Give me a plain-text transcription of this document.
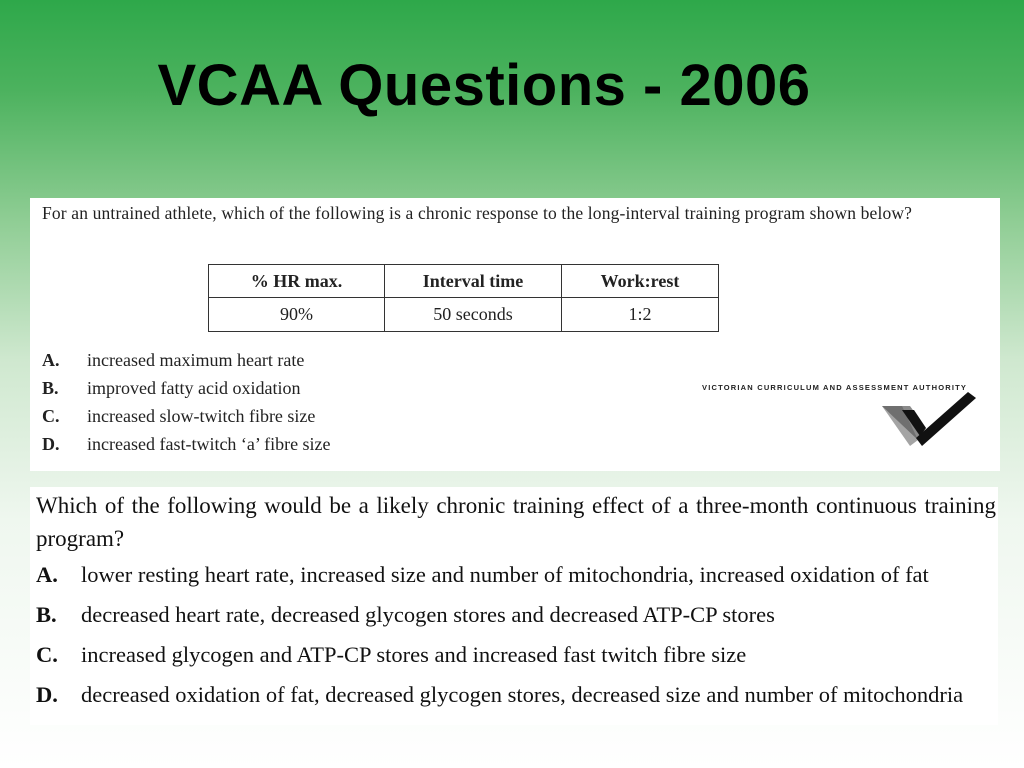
VCAA Questions - 2006
For an untrained athlete, which of the following is a chronic response to the long-interval training program shown below?
% HR max.	Interval time	Work:rest
90%	50 seconds	1:2
A. increased maximum heart rate
B. improved fatty acid oxidation
C. increased slow-twitch fibre size
D. increased fast-twitch ‘a’ fibre size
VICTORIAN CURRICULUM AND ASSESSMENT AUTHORITY
Which of the following would be a likely chronic training effect of a three-month continuous training program?
A. lower resting heart rate, increased size and number of mitochondria, increased oxidation of fat
B. decreased heart rate, decreased glycogen stores and decreased ATP-CP stores
C. increased glycogen and ATP-CP stores and increased fast twitch fibre size
D. decreased oxidation of fat, decreased glycogen stores, decreased size and number of mitochondria
